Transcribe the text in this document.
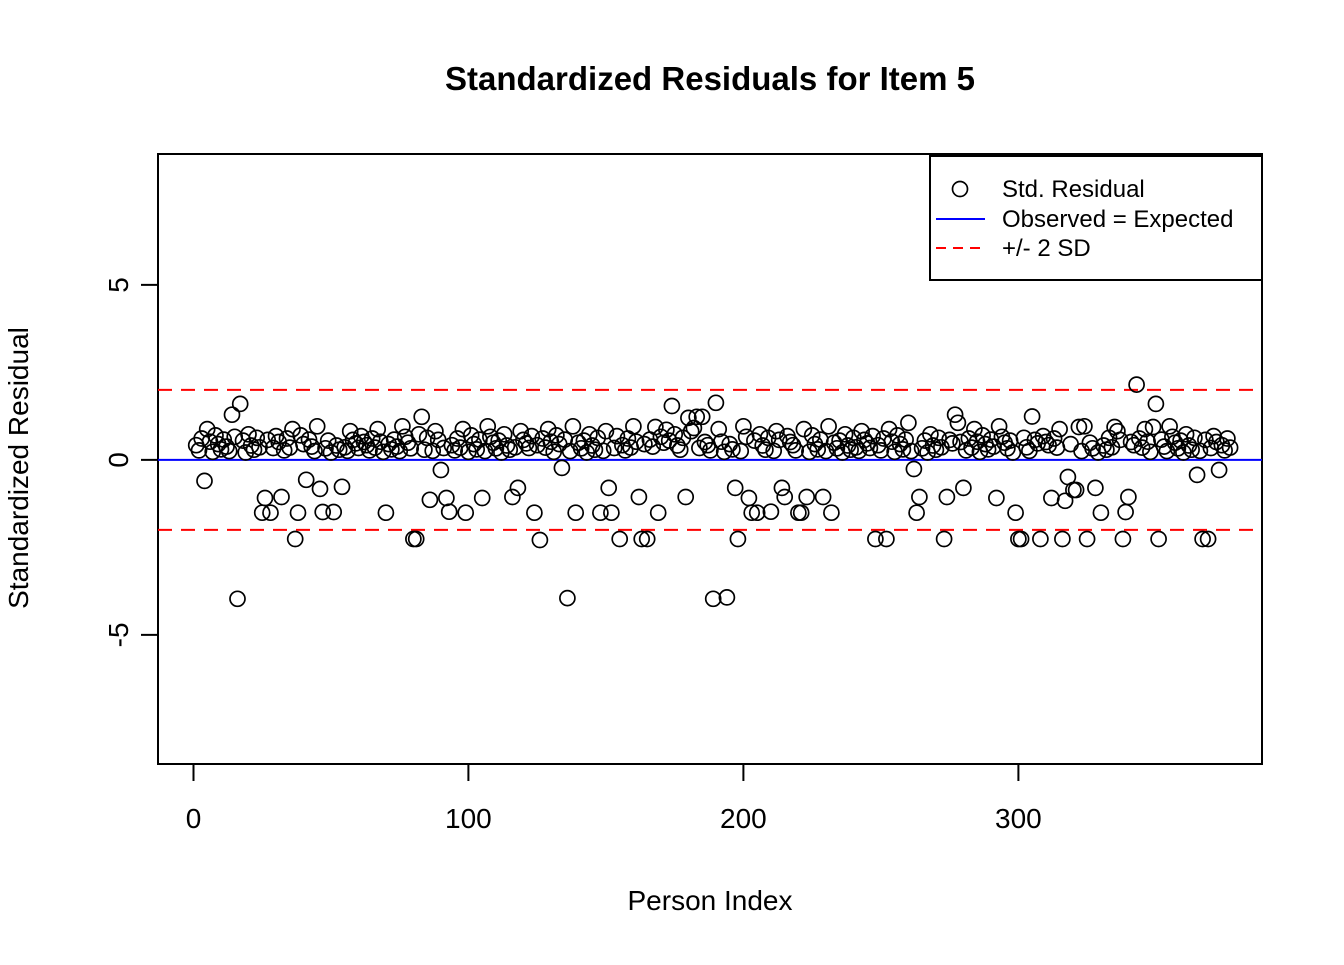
Standardized Residuals for Item 5
0	100	200	300
-5
0
5
Person Index
Standardized Residual
Std. Residual
Observed = Expected
+/- 2 SD
